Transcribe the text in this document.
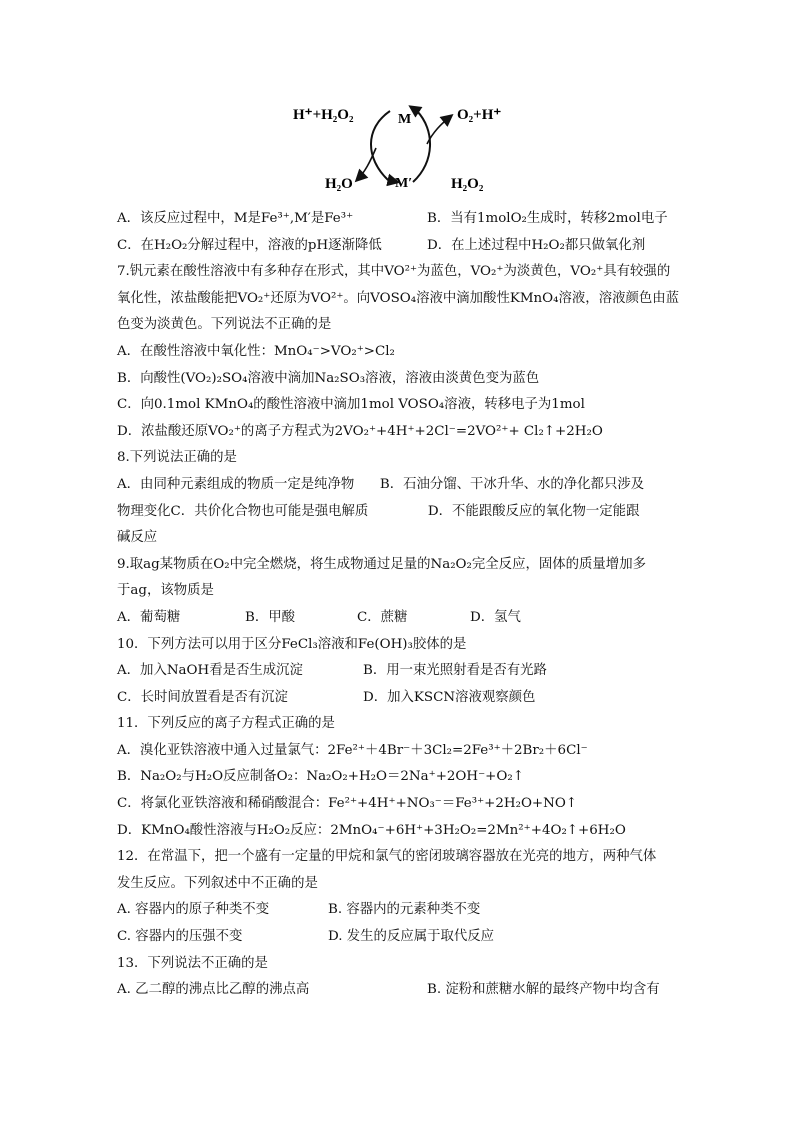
H⁺+H₂O₂	O₂+H⁺
M
M′
H₂O	H₂O₂
A．该反应过程中，M是Fe³⁺,M′是Fe³⁺	B．当有1molO₂生成时，转移2mol电子
C．在H₂O₂分解过程中，溶液的pH逐渐降低	D．在上述过程中H₂O₂都只做氧化剂
7.钒元素在酸性溶液中有多种存在形式，其中VO²⁺为蓝色，VO₂⁺为淡黄色，VO₂⁺具有较强的
氧化性，浓盐酸能把VO₂⁺还原为VO²⁺。向VOSO₄溶液中滴加酸性KMnO₄溶液，溶液颜色由蓝
色变为淡黄色。下列说法不正确的是
A．在酸性溶液中氧化性：MnO₄⁻>VO₂⁺>Cl₂
B．向酸性(VO₂)₂SO₄溶液中滴加Na₂SO₃溶液，溶液由淡黄色变为蓝色
C．向0.1mol KMnO₄的酸性溶液中滴加1mol VOSO₄溶液，转移电子为1mol
D．浓盐酸还原VO₂⁺的离子方程式为2VO₂⁺+4H⁺+2Cl⁻=2VO²⁺+ Cl₂↑+2H₂O
8.下列说法正确的是
A．由同种元素组成的物质一定是纯净物      B．石油分馏、干冰升华、水的净化都只涉及
物理变化C．共价化合物也可能是强电解质              D．不能跟酸反应的氧化物一定能跟
碱反应
9.取ag某物质在O₂中完全燃烧，将生成物通过足量的Na₂O₂完全反应，固体的质量增加多
于ag，该物质是
A．葡萄糖	B．甲酸	C．蔗糖	D．氢气
10．下列方法可以用于区分FeCl₃溶液和Fe(OH)₃胶体的是
A．加入NaOH看是否生成沉淀	B．用一束光照射看是否有光路
C．长时间放置看是否有沉淀	D．加入KSCN溶液观察颜色
11．下列反应的离子方程式正确的是
A．溴化亚铁溶液中通入过量氯气：2Fe²⁺＋4Br⁻＋3Cl₂=2Fe³⁺＋2Br₂＋6Cl⁻
B．Na₂O₂与H₂O反应制备O₂：Na₂O₂+H₂O＝2Na⁺+2OH⁻+O₂↑
C．将氯化亚铁溶液和稀硝酸混合：Fe²⁺+4H⁺+NO₃⁻＝Fe³⁺+2H₂O+NO↑
D．KMnO₄酸性溶液与H₂O₂反应：2MnO₄⁻+6H⁺+3H₂O₂=2Mn²⁺+4O₂↑+6H₂O
12．在常温下，把一个盛有一定量的甲烷和氯气的密闭玻璃容器放在光亮的地方，两种气体
发生反应。下列叙述中不正确的是
A. 容器内的原子种类不变	B. 容器内的元素种类不变
C. 容器内的压强不变	D. 发生的反应属于取代反应
13．下列说法不正确的是
A. 乙二醇的沸点比乙醇的沸点高	B. 淀粉和蔗糖水解的最终产物中均含有
